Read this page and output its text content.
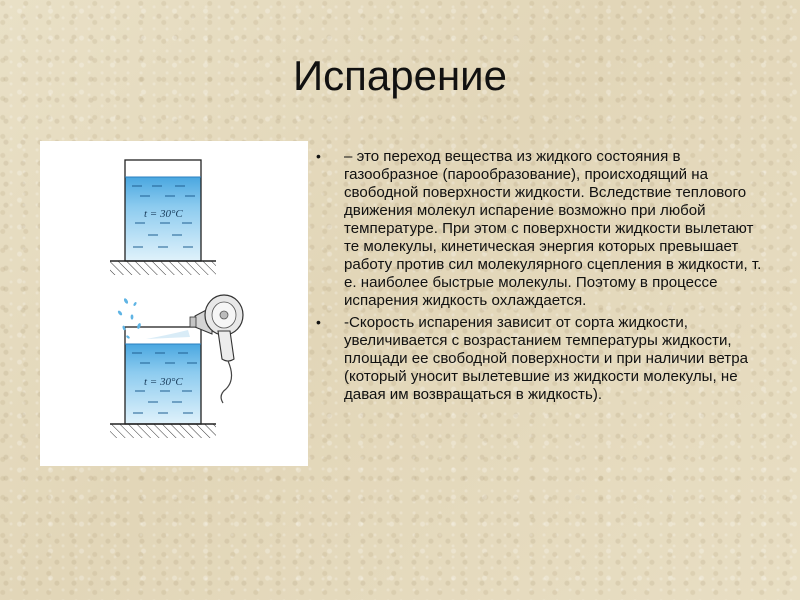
Испарение
t = 30°C
t = 30°C
• – это переход вещества из жидкого состояния в газообразное (парообразование), происходящий на свободной поверхности жидкости. Вследствие теплового движения молекул испарение возможно при любой температуре. При этом с поверхности жидкости вылетают те молекулы, кинетическая энергия которых превышает работу против сил молекулярного сцепления в жидкости, т. е. наиболее быстрые молекулы. Поэтому в процессе испарения жидкость охлаждается.
• -Скорость испарения зависит от сорта жидкости, увеличивается с возрастанием температуры жидкости, площади ее свободной поверхности и при наличии ветра (который уносит вылетевшие из жидкости молекулы, не давая им возвращаться в жидкость).
